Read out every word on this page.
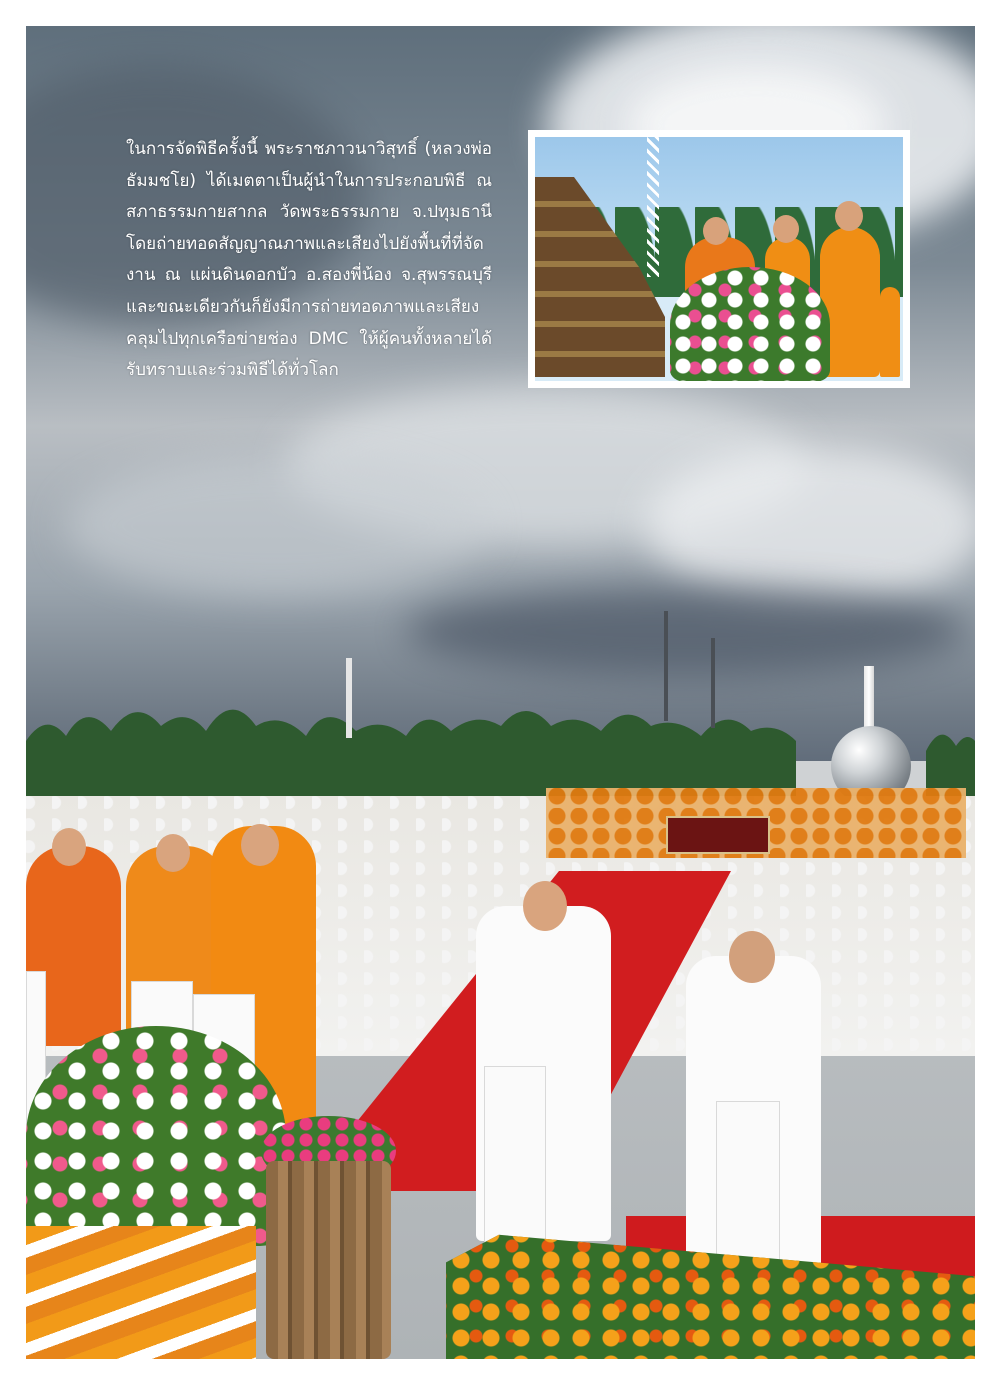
ในการจัดพิธีครั้งนี้ พระราชภาวนาวิสุทธิ์ (หลวงพ่อ
ธัมมชโย) ได้เมตตาเป็นผู้นำในการประกอบพิธี ณ
สภาธรรมกายสากล วัดพระธรรมกาย จ.ปทุมธานี
โดยถ่ายทอดสัญญาณภาพและเสียงไปยังพื้นที่ที่จัด
งาน ณ แผ่นดินดอกบัว อ.สองพี่น้อง จ.สุพรรณบุรี
และขณะเดียวกันก็ยังมีการถ่ายทอดภาพและเสียง
คลุมไปทุกเครือข่ายช่อง DMC ให้ผู้คนทั้งหลายได้
รับทราบและร่วมพิธีได้ทั่วโลก
